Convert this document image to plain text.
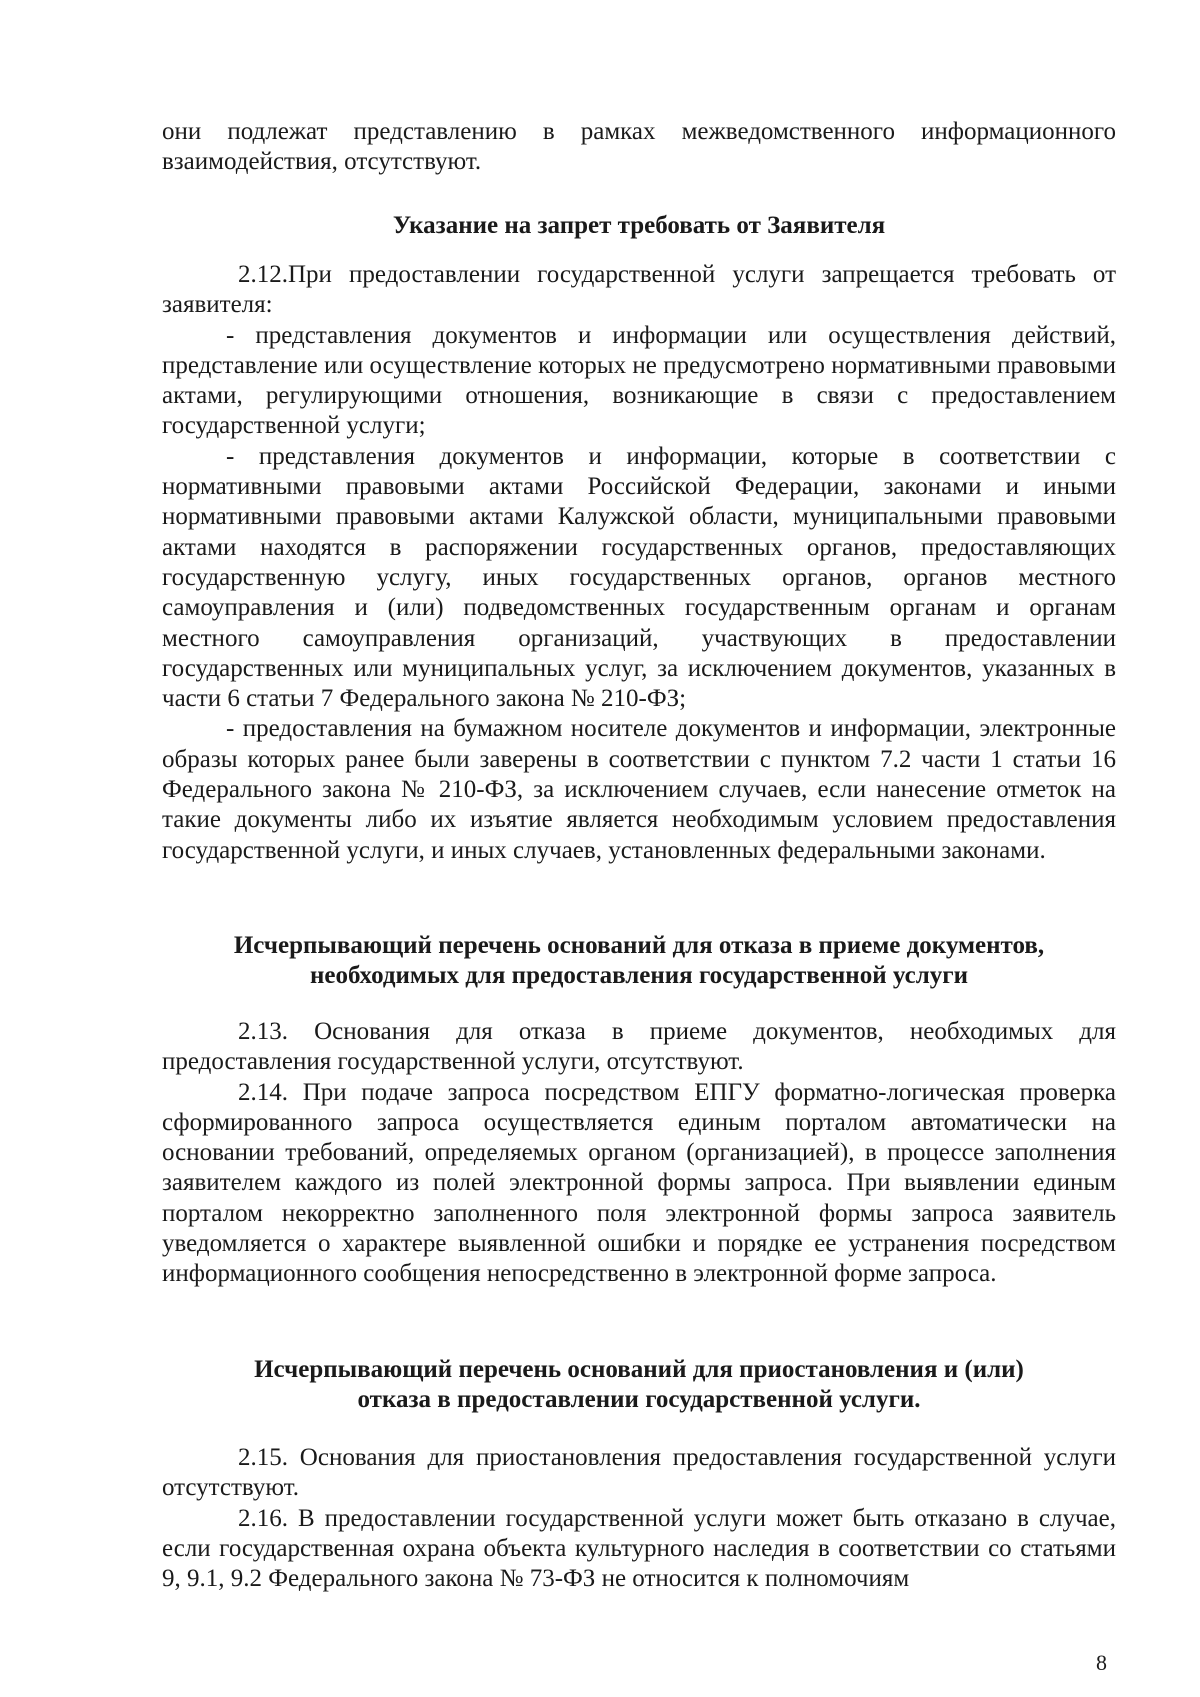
они подлежат представлению в рамках межведомственного информационного взаимодействия, отсутствуют.

Указание на запрет требовать от Заявителя

2.12.При предоставлении государственной услуги запрещается требовать от заявителя:

- представления документов и информации или осуществления действий, представление или осуществление которых не предусмотрено нормативными правовыми актами, регулирующими отношения, возникающие в связи с предоставлением государственной услуги;

- представления документов и информации, которые в соответствии с нормативными правовыми актами Российской Федерации, законами и иными нормативными правовыми актами Калужской области, муниципальными правовыми актами находятся в распоряжении государственных органов, предоставляющих государственную услугу, иных государственных органов, органов местного самоуправления и (или) подведомственных государственным органам и органам местного самоуправления организаций, участвующих в предоставлении государственных или муниципальных услуг, за исключением документов, указанных в части 6 статьи 7 Федерального закона № 210-ФЗ;

- предоставления на бумажном носителе документов и информации, электронные образы которых ранее были заверены в соответствии с пунктом 7.2 части 1 статьи 16 Федерального закона № 210-ФЗ, за исключением случаев, если нанесение отметок на такие документы либо их изъятие является необходимым условием предоставления государственной услуги, и иных случаев, установленных федеральными законами.

Исчерпывающий перечень оснований для отказа в приеме документов,

необходимых для предоставления государственной услуги

2.13. Основания для отказа в приеме документов, необходимых для предоставления государственной услуги, отсутствуют.

2.14. При подаче запроса посредством ЕПГУ форматно-логическая проверка сформированного запроса осуществляется единым порталом автоматически на основании требований, определяемых органом (организацией), в процессе заполнения заявителем каждого из полей электронной формы запроса. При выявлении единым порталом некорректно заполненного поля электронной формы запроса заявитель уведомляется о характере выявленной ошибки и порядке ее устранения посредством информационного сообщения непосредственно в электронной форме запроса.

Исчерпывающий перечень оснований для приостановления и (или)

отказа в предоставлении государственной услуги.

2.15. Основания для приостановления предоставления государственной услуги отсутствуют.

2.16. В предоставлении государственной услуги может быть отказано в случае, если государственная охрана объекта культурного наследия в соответствии со статьями 9, 9.1, 9.2 Федерального закона № 73-ФЗ не относится к полномочиям

8
